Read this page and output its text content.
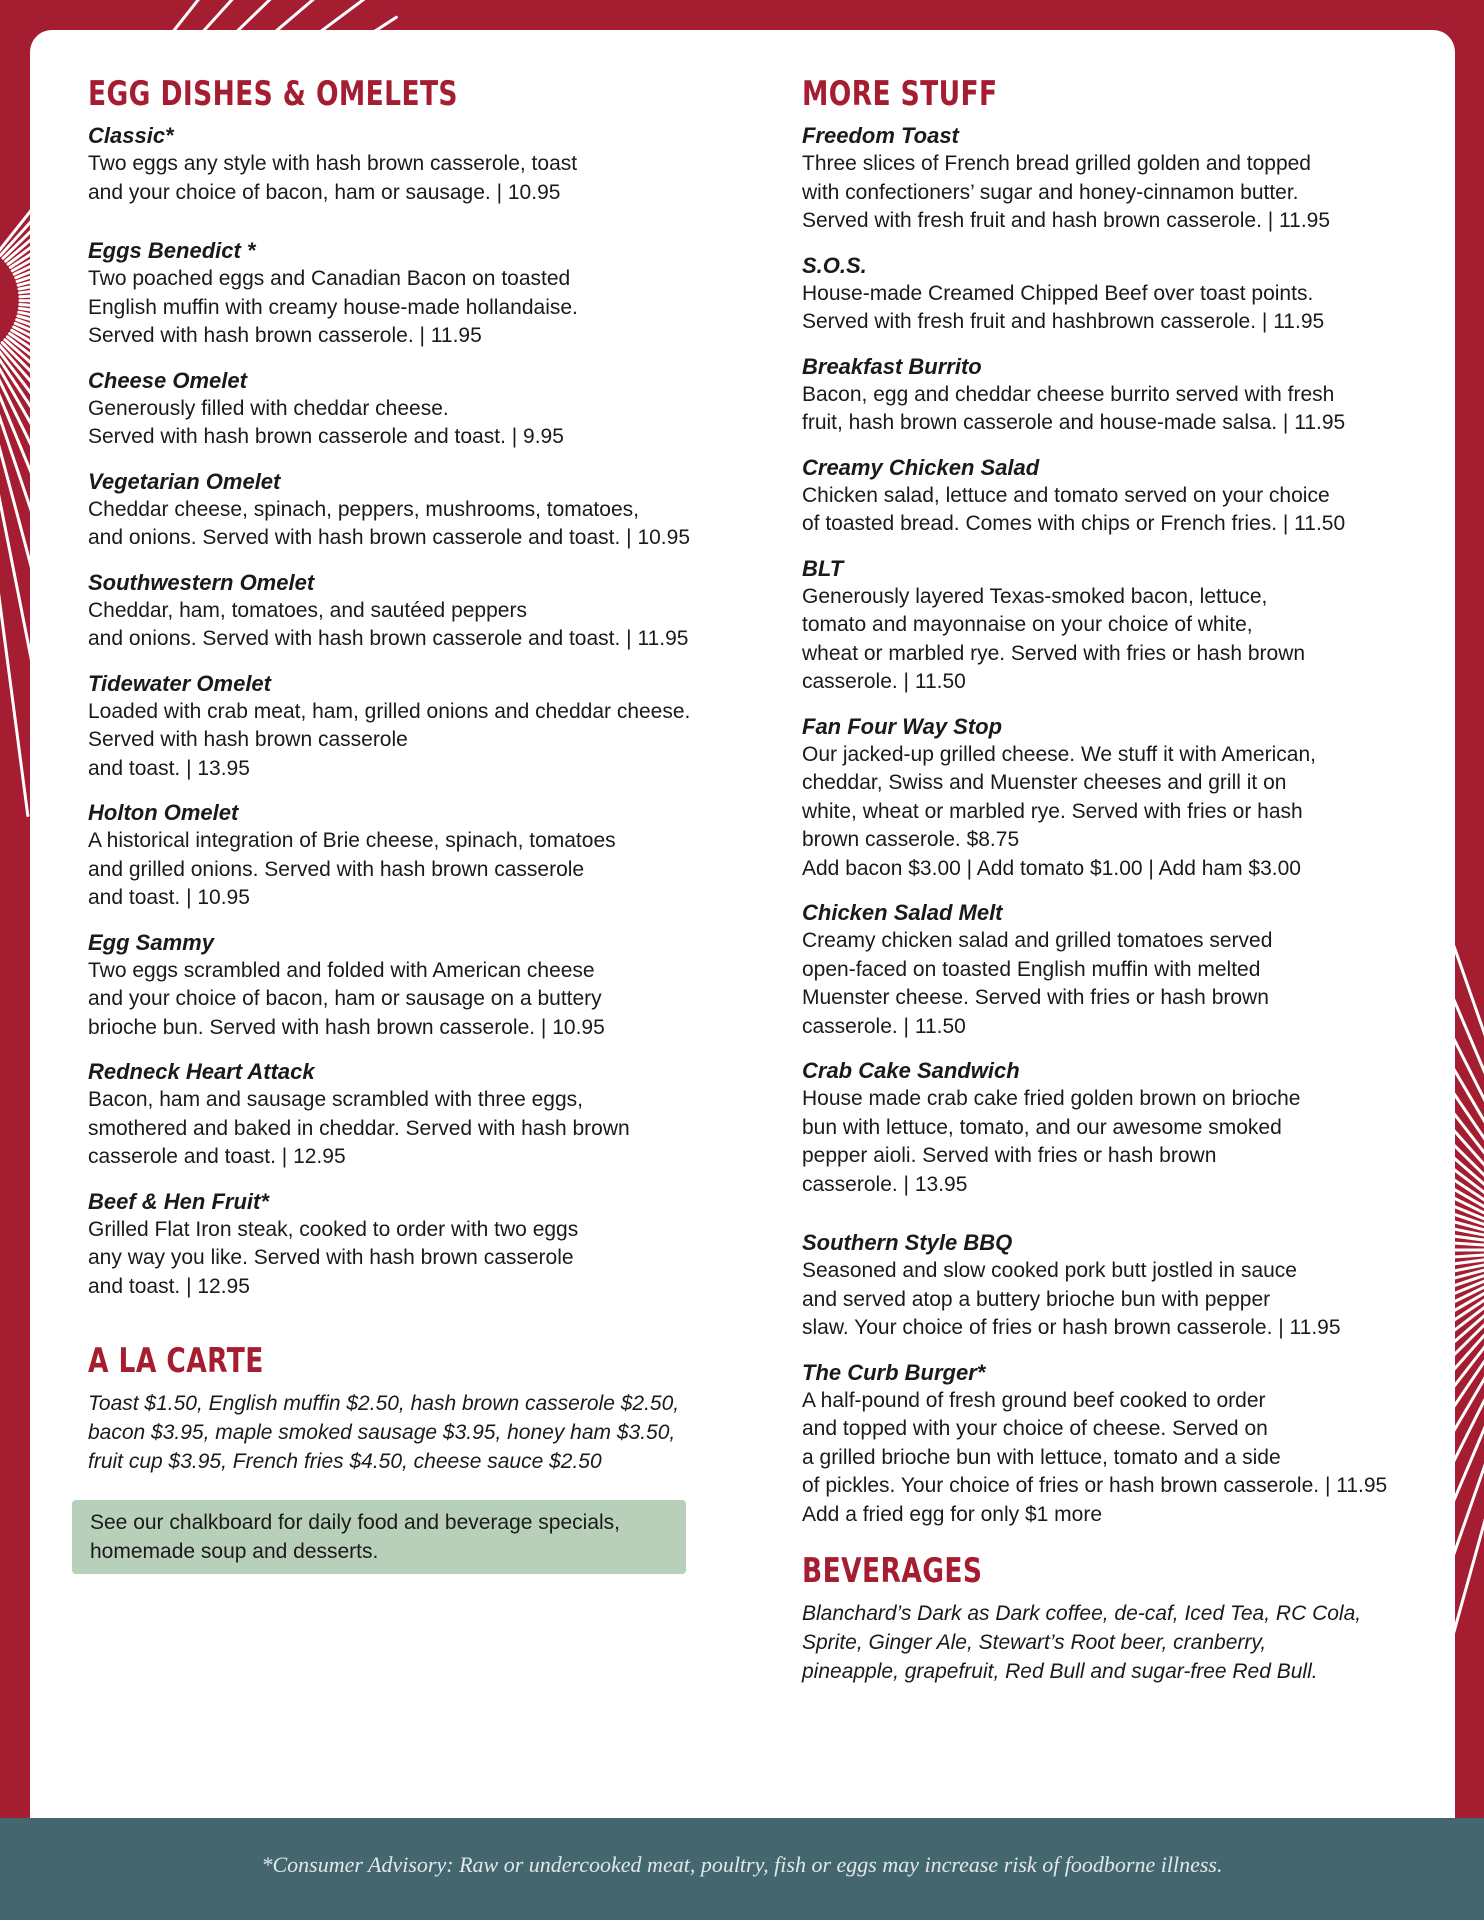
EGG DISHES & OMELETS
Classic*
Two eggs any style with hash brown casserole, toast
and your choice of bacon, ham or sausage. | 10.95
Eggs Benedict *
Two poached eggs and Canadian Bacon on toasted
English muffin with creamy house-made hollandaise.
Served with hash brown casserole. | 11.95
Cheese Omelet
Generously filled with cheddar cheese.
Served with hash brown casserole and toast. | 9.95
Vegetarian Omelet
Cheddar cheese, spinach, peppers, mushrooms, tomatoes,
and onions. Served with hash brown casserole and toast. | 10.95
Southwestern Omelet
Cheddar, ham, tomatoes, and sautéed peppers
and onions. Served with hash brown casserole and toast. | 11.95
Tidewater Omelet
Loaded with crab meat, ham, grilled onions and cheddar cheese.
Served with hash brown casserole
and toast. | 13.95
Holton Omelet
A historical integration of Brie cheese, spinach, tomatoes
and grilled onions. Served with hash brown casserole
and toast. | 10.95
Egg Sammy
Two eggs scrambled and folded with American cheese
and your choice of bacon, ham or sausage on a buttery
brioche bun. Served with hash brown casserole. | 10.95
Redneck Heart Attack
Bacon, ham and sausage scrambled with three eggs,
smothered and baked in cheddar. Served with hash brown
casserole and toast. | 12.95
Beef & Hen Fruit*
Grilled Flat Iron steak, cooked to order with two eggs
any way you like. Served with hash brown casserole
and toast. | 12.95
A LA CARTE
Toast $1.50, English muffin $2.50, hash brown casserole $2.50,
bacon $3.95, maple smoked sausage $3.95, honey ham $3.50,
fruit cup $3.95, French fries $4.50, cheese sauce $2.50
See our chalkboard for daily food and beverage specials,
homemade soup and desserts.
MORE STUFF
Freedom Toast
Three slices of French bread grilled golden and topped
with confectioners’ sugar and honey-cinnamon butter.
Served with fresh fruit and hash brown casserole. | 11.95
S.O.S.
House-made Creamed Chipped Beef over toast points.
Served with fresh fruit and hashbrown casserole. | 11.95
Breakfast Burrito
Bacon, egg and cheddar cheese burrito served with fresh
fruit, hash brown casserole and house-made salsa. | 11.95
Creamy Chicken Salad
Chicken salad, lettuce and tomato served on your choice
of toasted bread. Comes with chips or French fries. | 11.50
BLT
Generously layered Texas-smoked bacon, lettuce,
tomato and mayonnaise on your choice of white,
wheat or marbled rye. Served with fries or hash brown
casserole. | 11.50
Fan Four Way Stop
Our jacked-up grilled cheese. We stuff it with American,
cheddar, Swiss and Muenster cheeses and grill it on
white, wheat or marbled rye. Served with fries or hash
brown casserole. $8.75
Add bacon $3.00 | Add tomato $1.00 | Add ham $3.00
Chicken Salad Melt
Creamy chicken salad and grilled tomatoes served
open-faced on toasted English muffin with melted
Muenster cheese. Served with fries or hash brown
casserole. | 11.50
Crab Cake Sandwich
House made crab cake fried golden brown on brioche
bun with lettuce, tomato, and our awesome smoked
pepper aioli. Served with fries or hash brown
casserole. | 13.95
Southern Style BBQ
Seasoned and slow cooked pork butt jostled in sauce
and served atop a buttery brioche bun with pepper
slaw. Your choice of fries or hash brown casserole. | 11.95
The Curb Burger*
A half-pound of fresh ground beef cooked to order
and topped with your choice of cheese. Served on
a grilled brioche bun with lettuce, tomato and a side
of pickles. Your choice of fries or hash brown casserole. | 11.95
Add a fried egg for only $1 more
BEVERAGES
Blanchard’s Dark as Dark coffee, de-caf, Iced Tea, RC Cola,
Sprite, Ginger Ale, Stewart’s Root beer, cranberry,
pineapple, grapefruit, Red Bull and sugar-free Red Bull.
*Consumer Advisory: Raw or undercooked meat, poultry, fish or eggs may increase risk of foodborne illness.
